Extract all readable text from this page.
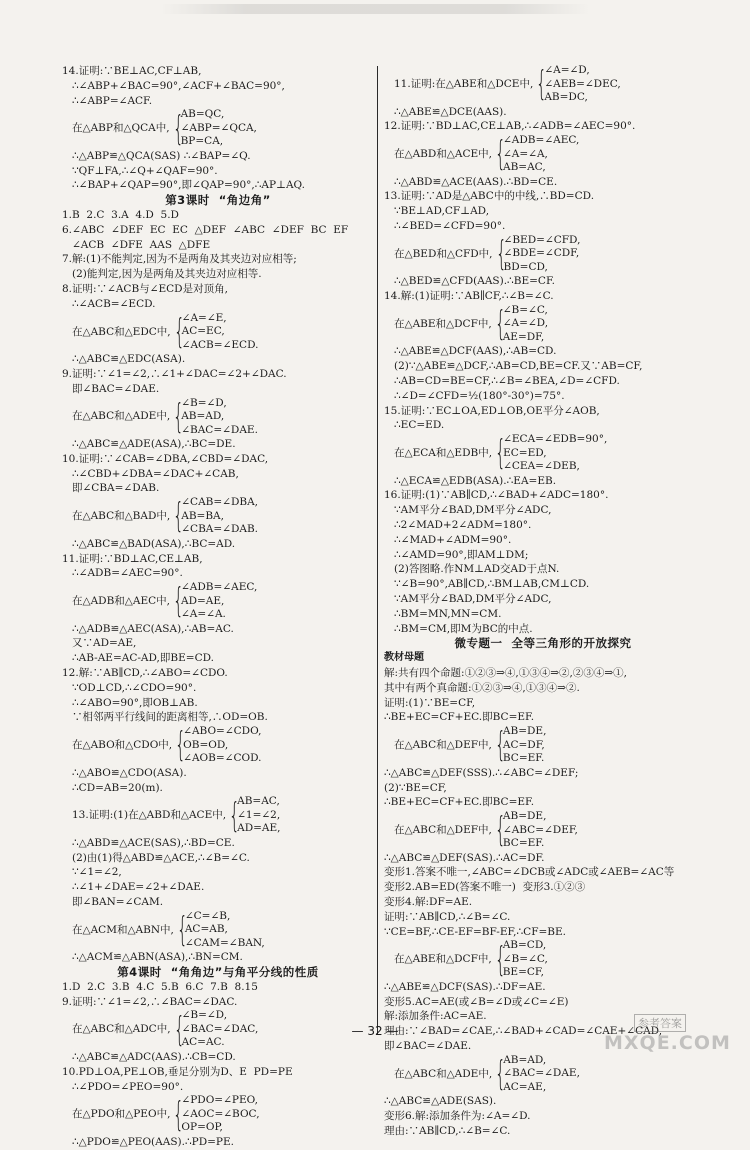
14.证明:∵BE⊥AC,CF⊥AB,
∴∠ABP+∠BAC=90°,∠ACF+∠BAC=90°,
∴∠ABP=∠ACF.
在△ABP和△QCA中, {
AB=QC,
∠ABP=∠QCA,
BP=CA,
∴△ABP≌△QCA(SAS) ∴∠BAP=∠Q.
∵QF⊥FA,∴∠Q+∠QAF=90°.
∴∠BAP+∠QAP=90°,即∠QAP=90°,∴AP⊥AQ.
第3课时  “角边角”
1.B  2.C  3.A  4.D  5.D
6.∠ABC  ∠DEF  EC  EC  △DEF  ∠ABC  ∠DEF  BC  EF
∠ACB  ∠DFE  AAS  △DFE
7.解:(1)不能判定,因为不是两角及其夹边对应相等;
(2)能判定,因为是两角及其夹边对应相等.
8.证明:∵∠ACB与∠ECD是对顶角,
∴∠ACB=∠ECD.
在△ABC和△EDC中, {
∠A=∠E,
AC=EC,
∠ACB=∠ECD.
∴△ABC≌△EDC(ASA).
9.证明:∵∠1=∠2,∴∠1+∠DAC=∠2+∠DAC.
即∠BAC=∠DAE.
在△ABC和△ADE中, {
∠B=∠D,
AB=AD,
∠BAC=∠DAE.
∴△ABC≌△ADE(ASA),∴BC=DE.
10.证明:∵∠CAB=∠DBA,∠CBD=∠DAC,
∴∠CBD+∠DBA=∠DAC+∠CAB,
即∠CBA=∠DAB.
在△ABC和△BAD中, {
∠CAB=∠DBA,
AB=BA,
∠CBA=∠DAB.
∴△ABC≌△BAD(ASA),∴BC=AD.
11.证明:∵BD⊥AC,CE⊥AB,
∴∠ADB=∠AEC=90°.
在△ADB和△AEC中, {
∠ADB=∠AEC,
AD=AE,
∠A=∠A.
∴△ADB≌△AEC(ASA),∴AB=AC.
又∵AD=AE,
∴AB-AE=AC-AD,即BE=CD.
12.解:∵AB∥CD,∴∠ABO=∠CDO.
∵OD⊥CD,∴∠CDO=90°.
∴∠ABO=90°,即OB⊥AB.
∵相邻两平行线间的距离相等,∴OD=OB.
在△ABO和△CDO中, {
∠ABO=∠CDO,
OB=OD,
∠AOB=∠COD.
∴△ABO≌△CDO(ASA).
∴CD=AB=20(m).
13.证明:(1)在△ABD和△ACE中, {
AB=AC,
∠1=∠2,
AD=AE,
∴△ABD≌△ACE(SAS),∴BD=CE.
(2)由(1)得△ABD≌△ACE,∴∠B=∠C.
∵∠1=∠2,
∴∠1+∠DAE=∠2+∠DAE.
即∠BAN=∠CAM.
在△ACM和△ABN中, {
∠C=∠B,
AC=AB,
∠CAM=∠BAN,
∴△ACM≌△ABN(ASA),∴BN=CM.
第4课时  “角角边”与角平分线的性质
1.D  2.C  3.B  4.C  5.B  6.C  7.B  8.15
9.证明:∵∠1=∠2,∴∠BAC=∠DAC.
在△ABC和△ADC中, {
∠B=∠D,
∠BAC=∠DAC,
AC=AC.
∴△ABC≌△ADC(AAS).∴CB=CD.
10.PD⊥OA,PE⊥OB,垂足分别为D、E  PD=PE
∴∠PDO=∠PEO=90°.
在△PDO和△PEO中, {
∠PDO=∠PEO,
∠AOC=∠BOC,
OP=OP,
∴△PDO≌△PEO(AAS).∴PD=PE.
11.证明:在△ABE和△DCE中, {
∠A=∠D,
∠AEB=∠DEC,
AB=DC,
∴△ABE≌△DCE(AAS).
12.证明:∵BD⊥AC,CE⊥AB,∴∠ADB=∠AEC=90°.
在△ABD和△ACE中, {
∠ADB=∠AEC,
∠A=∠A,
AB=AC,
∴△ABD≌△ACE(AAS).∴BD=CE.
13.证明:∵AD是△ABC中的中线,∴BD=CD.
∵BE⊥AD,CF⊥AD,
∴∠BED=∠CFD=90°.
在△BED和△CFD中, {
∠BED=∠CFD,
∠BDE=∠CDF,
BD=CD,
∴△BED≌△CFD(AAS).∴BE=CF.
14.解:(1)证明:∵AB∥CF,∴∠B=∠C.
在△ABE和△DCF中, {
∠B=∠C,
∠A=∠D,
AE=DF,
∴△ABE≌△DCF(AAS),∴AB=CD.
(2)∵△ABE≌△DCF,∴AB=CD,BE=CF.又∵AB=CF,
∴AB=CD=BE=CF,∴∠B=∠BEA,∠D=∠CFD.
∴∠D=∠CFD=½(180°-30°)=75°.
15.证明:∵EC⊥OA,ED⊥OB,OE平分∠AOB,
∴EC=ED.
在△ECA和△EDB中, {
∠ECA=∠EDB=90°,
EC=ED,
∠CEA=∠DEB,
∴△ECA≌△EDB(ASA).∴EA=EB.
16.证明:(1)∵AB∥CD,∴∠BAD+∠ADC=180°.
∵AM平分∠BAD,DM平分∠ADC,
∴2∠MAD+2∠ADM=180°.
∴∠MAD+∠ADM=90°.
∴∠AMD=90°,即AM⊥DM;
(2)答图略.作NM⊥AD交AD于点N.
∵∠B=90°,AB∥CD,∴BM⊥AB,CM⊥CD.
∵AM平分∠BAD,DM平分∠ADC,
∴BM=MN,MN=CM.
∴BM=CM,即M为BC的中点.
微专题一  全等三角形的开放探究
教材母题
解:共有四个命题:①②③⇒④,①③④⇒②,②③④⇒①,
其中有两个真命题:①②③⇒④,①③④⇒②.
证明:(1)∵BE=CF,
∴BE+EC=CF+EC.即BC=EF.
在△ABC和△DEF中, {
AB=DE,
AC=DF,
BC=EF.
∴△ABC≌△DEF(SSS).∴∠ABC=∠DEF;
(2)∵BE=CF,
∴BE+EC=CF+EC.即BC=EF.
在△ABC和△DEF中, {
AB=DE,
∠ABC=∠DEF,
BC=EF.
∴△ABC≌△DEF(SAS).∴AC=DF.
变形1.答案不唯一,∠ABC=∠DCB或∠ADC或∠AEB=∠AC等
变形2.AB=ED(答案不唯一)  变形3.①②③
变形4.解:DF=AE.
证明:∵AB∥CD,∴∠B=∠C.
∵CE=BF,∴CE-EF=BF-EF,∴CF=BE.
在△ABE和△DCF中, {
AB=CD,
∠B=∠C,
BE=CF,
∴△ABE≌△DCF(SAS).∴DF=AE.
变形5.AC=AE(或∠B=∠D或∠C=∠E)
解:添加条件:AC=AE.
理由:∵∠BAD=∠CAE,∴∠BAD+∠CAD=∠CAE+∠CAD,
即∠BAC=∠DAE.
在△ABC和△ADE中, {
AB=AD,
∠BAC=∠DAE,
AC=AE,
∴△ABC≌△ADE(SAS).
变形6.解:添加条件为:∠A=∠D.
理由:∵AB∥CD,∴∠B=∠C.
— 32 —
参考答案
MXQE.COM
